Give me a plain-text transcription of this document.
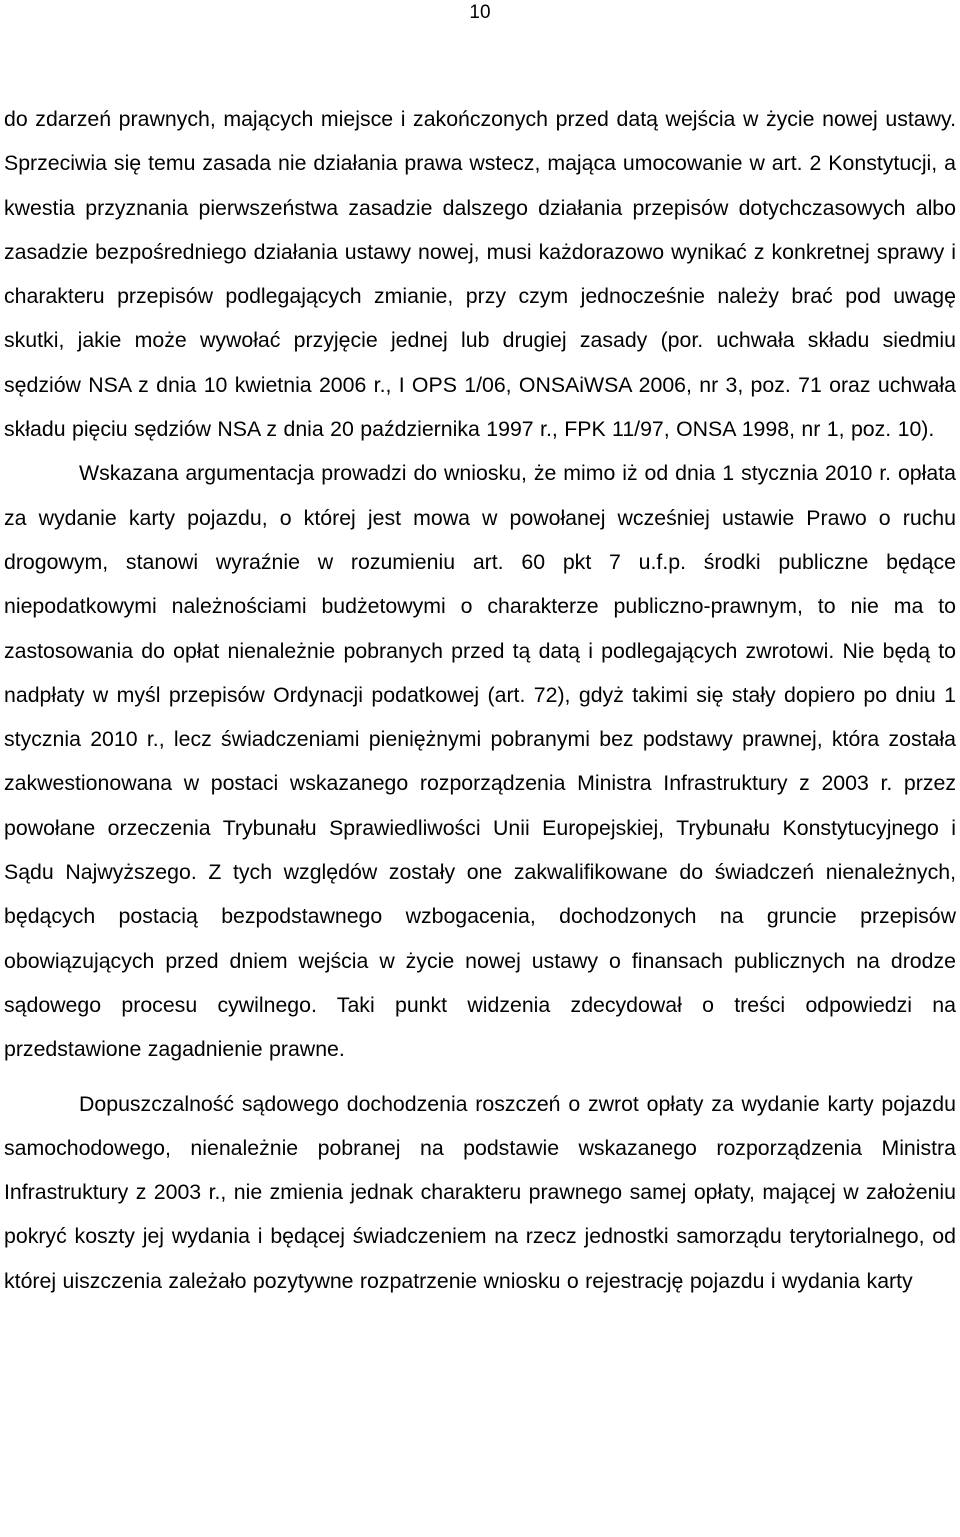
10

do zdarzeń prawnych, mających miejsce i zakończonych przed datą wejścia w życie nowej ustawy. Sprzeciwia się temu zasada nie działania prawa wstecz, mająca umocowanie w art. 2 Konstytucji, a kwestia przyznania pierwszeństwa zasadzie dalszego działania przepisów dotychczasowych albo zasadzie bezpośredniego działania ustawy nowej, musi każdorazowo wynikać z konkretnej sprawy i charakteru przepisów podlegających zmianie, przy czym jednocześnie należy brać pod uwagę skutki, jakie może wywołać przyjęcie jednej lub drugiej zasady (por. uchwała składu siedmiu sędziów NSA z dnia 10 kwietnia 2006 r., I OPS 1/06, ONSAiWSA 2006, nr 3, poz. 71 oraz uchwała składu pięciu sędziów NSA z dnia 20 października 1997 r., FPK 11/97, ONSA 1998, nr 1, poz. 10).

Wskazana argumentacja prowadzi do wniosku, że mimo iż od dnia 1 stycznia 2010 r. opłata za wydanie karty pojazdu, o której jest mowa w powołanej wcześniej ustawie Prawo o ruchu drogowym, stanowi wyraźnie w rozumieniu art. 60 pkt 7 u.f.p. środki publiczne będące niepodatkowymi należnościami budżetowymi o charakterze publiczno-prawnym, to nie ma to zastosowania do opłat nienależnie pobranych przed tą datą i podlegających zwrotowi. Nie będą to nadpłaty w myśl przepisów Ordynacji podatkowej (art. 72), gdyż takimi się stały dopiero po dniu 1 stycznia 2010 r., lecz świadczeniami pieniężnymi pobranymi bez podstawy prawnej, która została zakwestionowana w postaci wskazanego rozporządzenia Ministra Infrastruktury z 2003 r. przez powołane orzeczenia Trybunału Sprawiedliwości Unii Europejskiej, Trybunału Konstytucyjnego i Sądu Najwyższego. Z tych względów zostały one zakwalifikowane do świadczeń nienależnych, będących postacią bezpodstawnego wzbogacenia, dochodzonych na gruncie przepisów obowiązujących przed dniem wejścia w życie nowej ustawy o finansach publicznych na drodze sądowego procesu cywilnego. Taki punkt widzenia zdecydował o treści odpowiedzi na przedstawione zagadnienie prawne.

Dopuszczalność sądowego dochodzenia roszczeń o zwrot opłaty za wydanie karty pojazdu samochodowego, nienależnie pobranej na podstawie wskazanego rozporządzenia Ministra Infrastruktury z 2003 r., nie zmienia jednak charakteru prawnego samej opłaty, mającej w założeniu pokryć koszty jej wydania i będącej świadczeniem na rzecz jednostki samorządu terytorialnego, od której uiszczenia zależało pozytywne rozpatrzenie wniosku o rejestrację pojazdu i wydania karty
